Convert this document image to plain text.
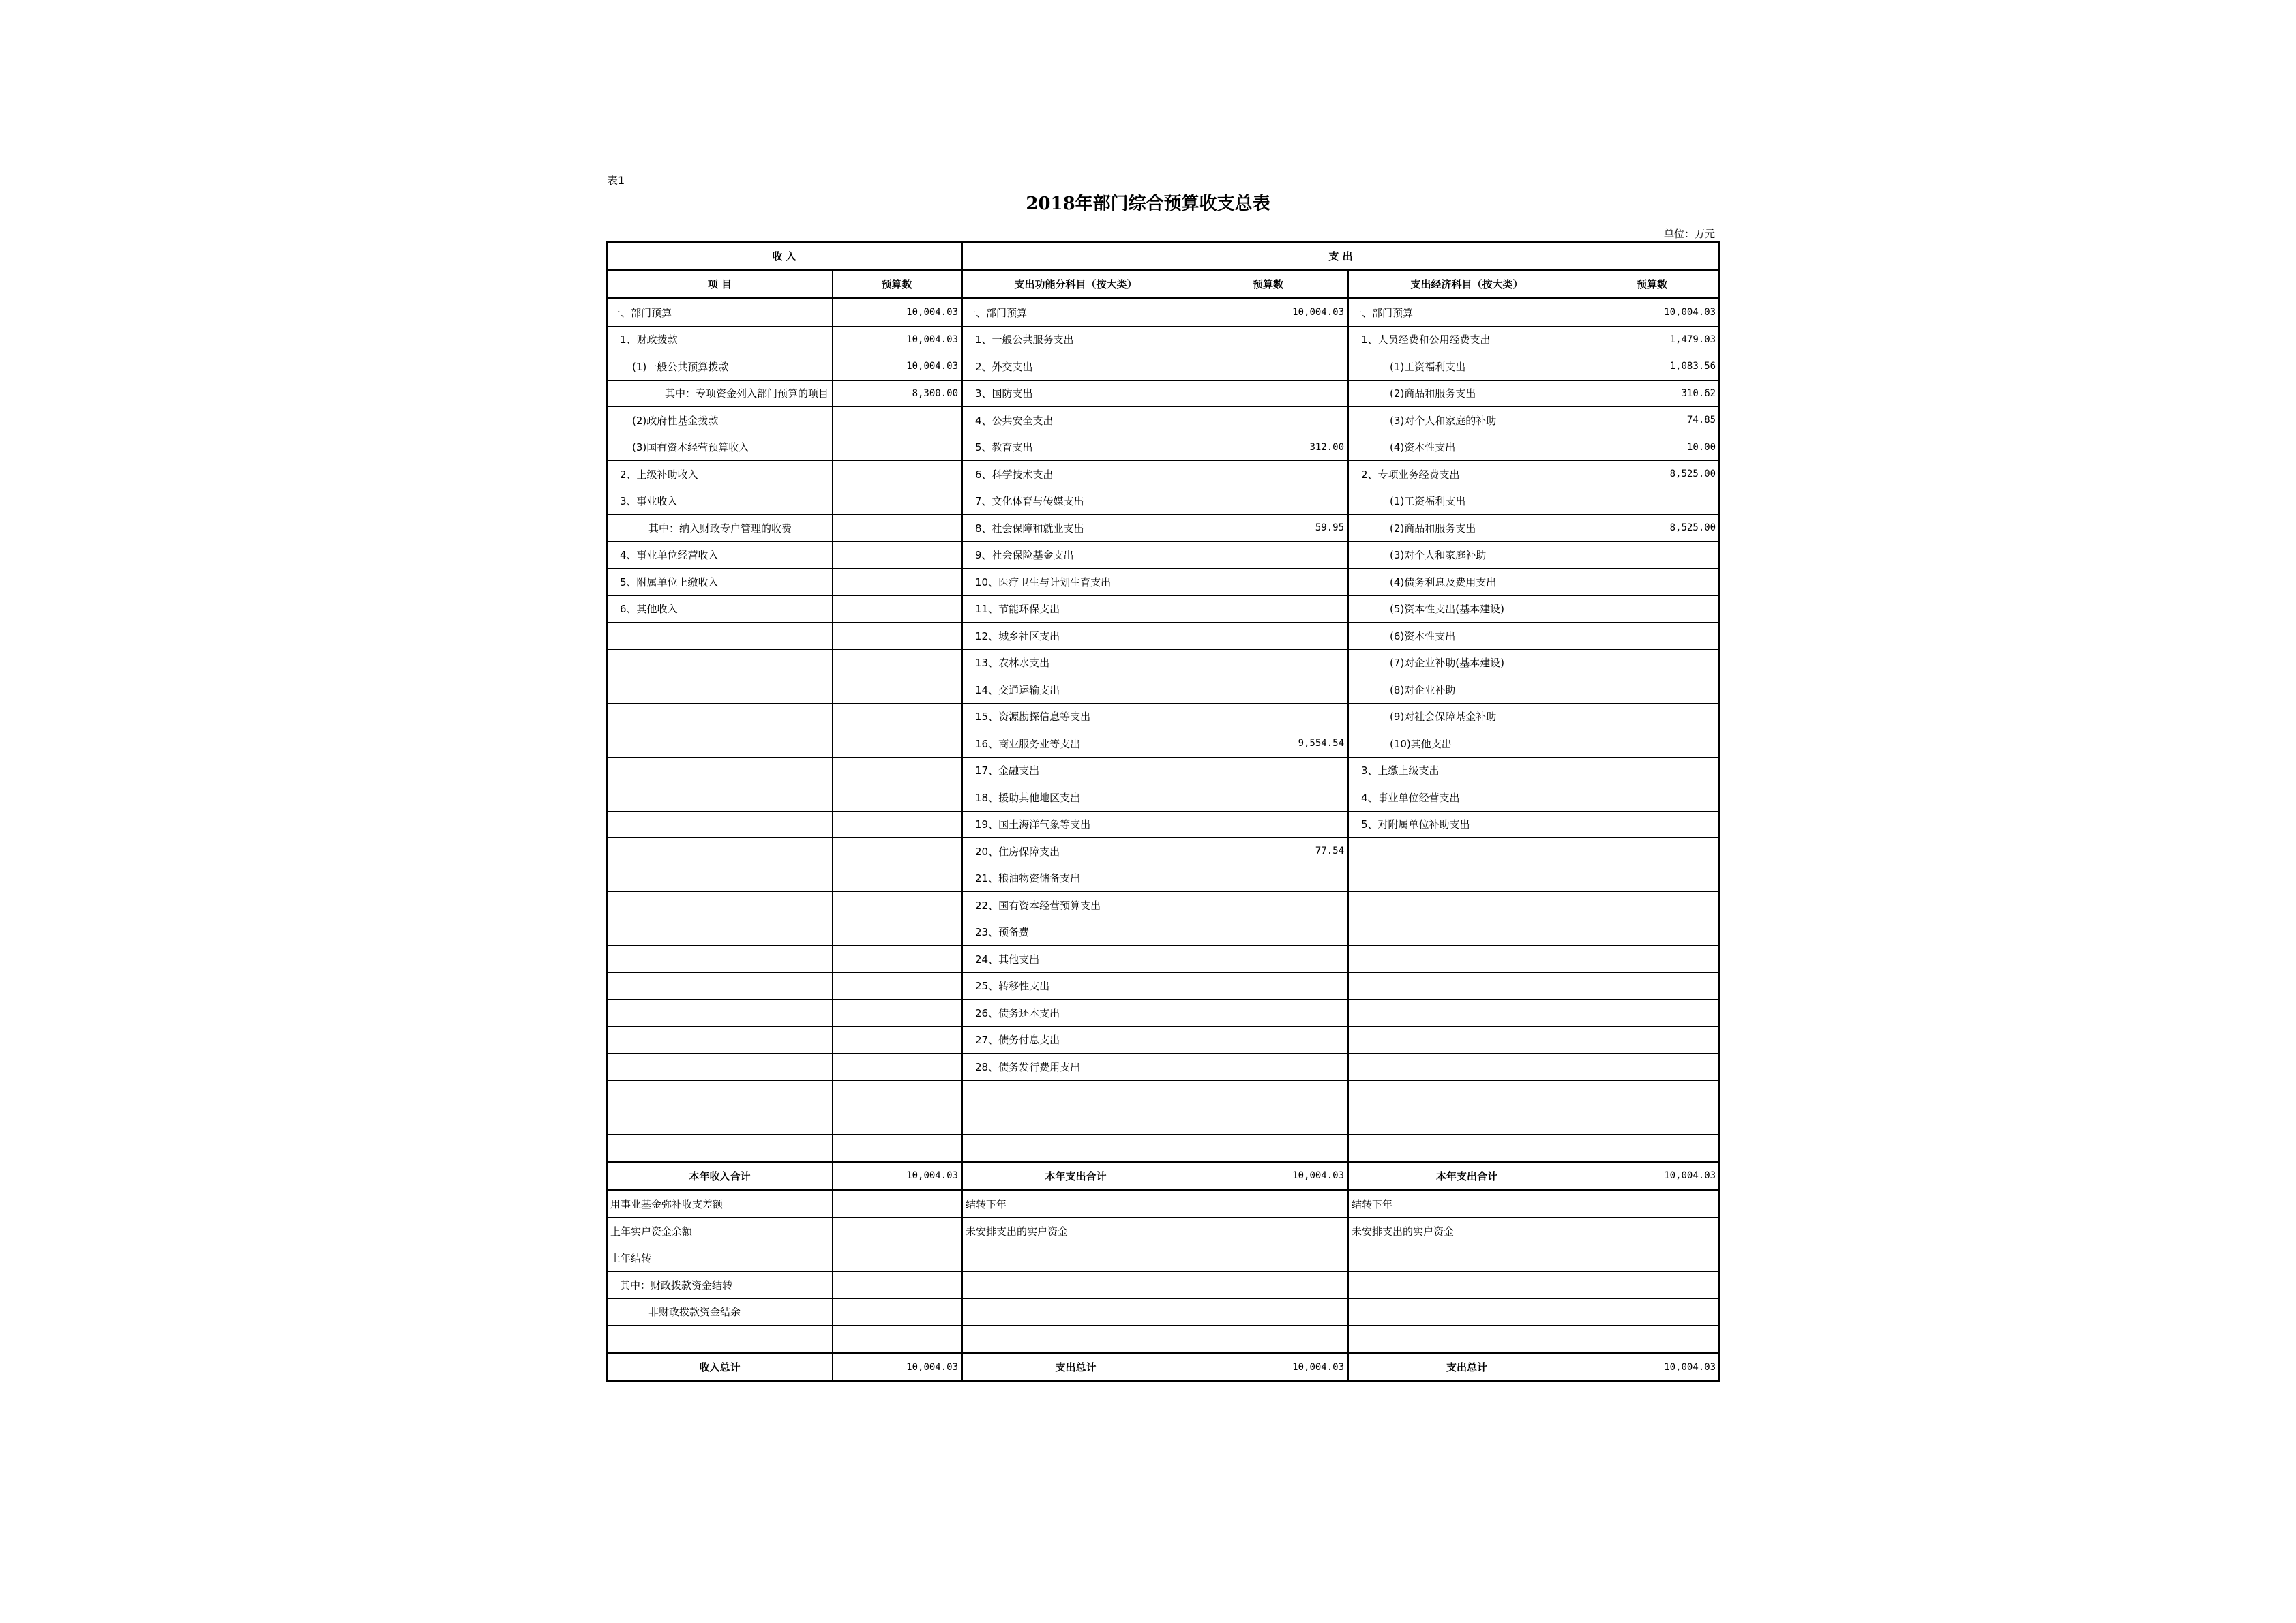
表1
2018年部门综合预算收支总表
单位：万元
收 入		支 出			
项 目	预算数	支出功能分科目（按大类）	预算数	支出经济科目（按大类）	预算数
一、部门预算	10,004.03	一、部门预算	10,004.03	一、部门预算	10,004.03
1、财政拨款	10,004.03	1、一般公共服务支出		1、人员经费和公用经费支出	1,479.03
(1)一般公共预算拨款	10,004.03	2、外交支出		(1)工资福利支出	1,083.56
其中：专项资金列入部门预算的项目	8,300.00	3、国防支出		(2)商品和服务支出	310.62
(2)政府性基金拨款		4、公共安全支出		(3)对个人和家庭的补助	74.85
(3)国有资本经营预算收入		5、教育支出	312.00	(4)资本性支出	10.00
2、上级补助收入		6、科学技术支出		2、专项业务经费支出	8,525.00
3、事业收入		7、文化体育与传媒支出		(1)工资福利支出	
其中：纳入财政专户管理的收费		8、社会保障和就业支出	59.95	(2)商品和服务支出	8,525.00
4、事业单位经营收入		9、社会保险基金支出		(3)对个人和家庭补助	
5、附属单位上缴收入		10、医疗卫生与计划生育支出		(4)债务利息及费用支出	
6、其他收入		11、节能环保支出		(5)资本性支出(基本建设)	
		12、城乡社区支出		(6)资本性支出	
		13、农林水支出		(7)对企业补助(基本建设)	
		14、交通运输支出		(8)对企业补助	
		15、资源勘探信息等支出		(9)对社会保障基金补助	
		16、商业服务业等支出	9,554.54	(10)其他支出	
		17、金融支出		3、上缴上级支出	
		18、援助其他地区支出		4、事业单位经营支出	
		19、国土海洋气象等支出		5、对附属单位补助支出	
		20、住房保障支出	77.54		
		21、粮油物资储备支出			
		22、国有资本经营预算支出			
		23、预备费			
		24、其他支出			
		25、转移性支出			
		26、债务还本支出			
		27、债务付息支出			
		28、债务发行费用支出			

本年收入合计	10,004.03	本年支出合计	10,004.03	本年支出合计	10,004.03
用事业基金弥补收支差额		结转下年		结转下年	
上年实户资金余额		未安排支出的实户资金		未安排支出的实户资金	
上年结转					
其中：财政拨款资金结转					
非财政拨款资金结余					

收入总计	10,004.03	支出总计	10,004.03	支出总计	10,004.03
